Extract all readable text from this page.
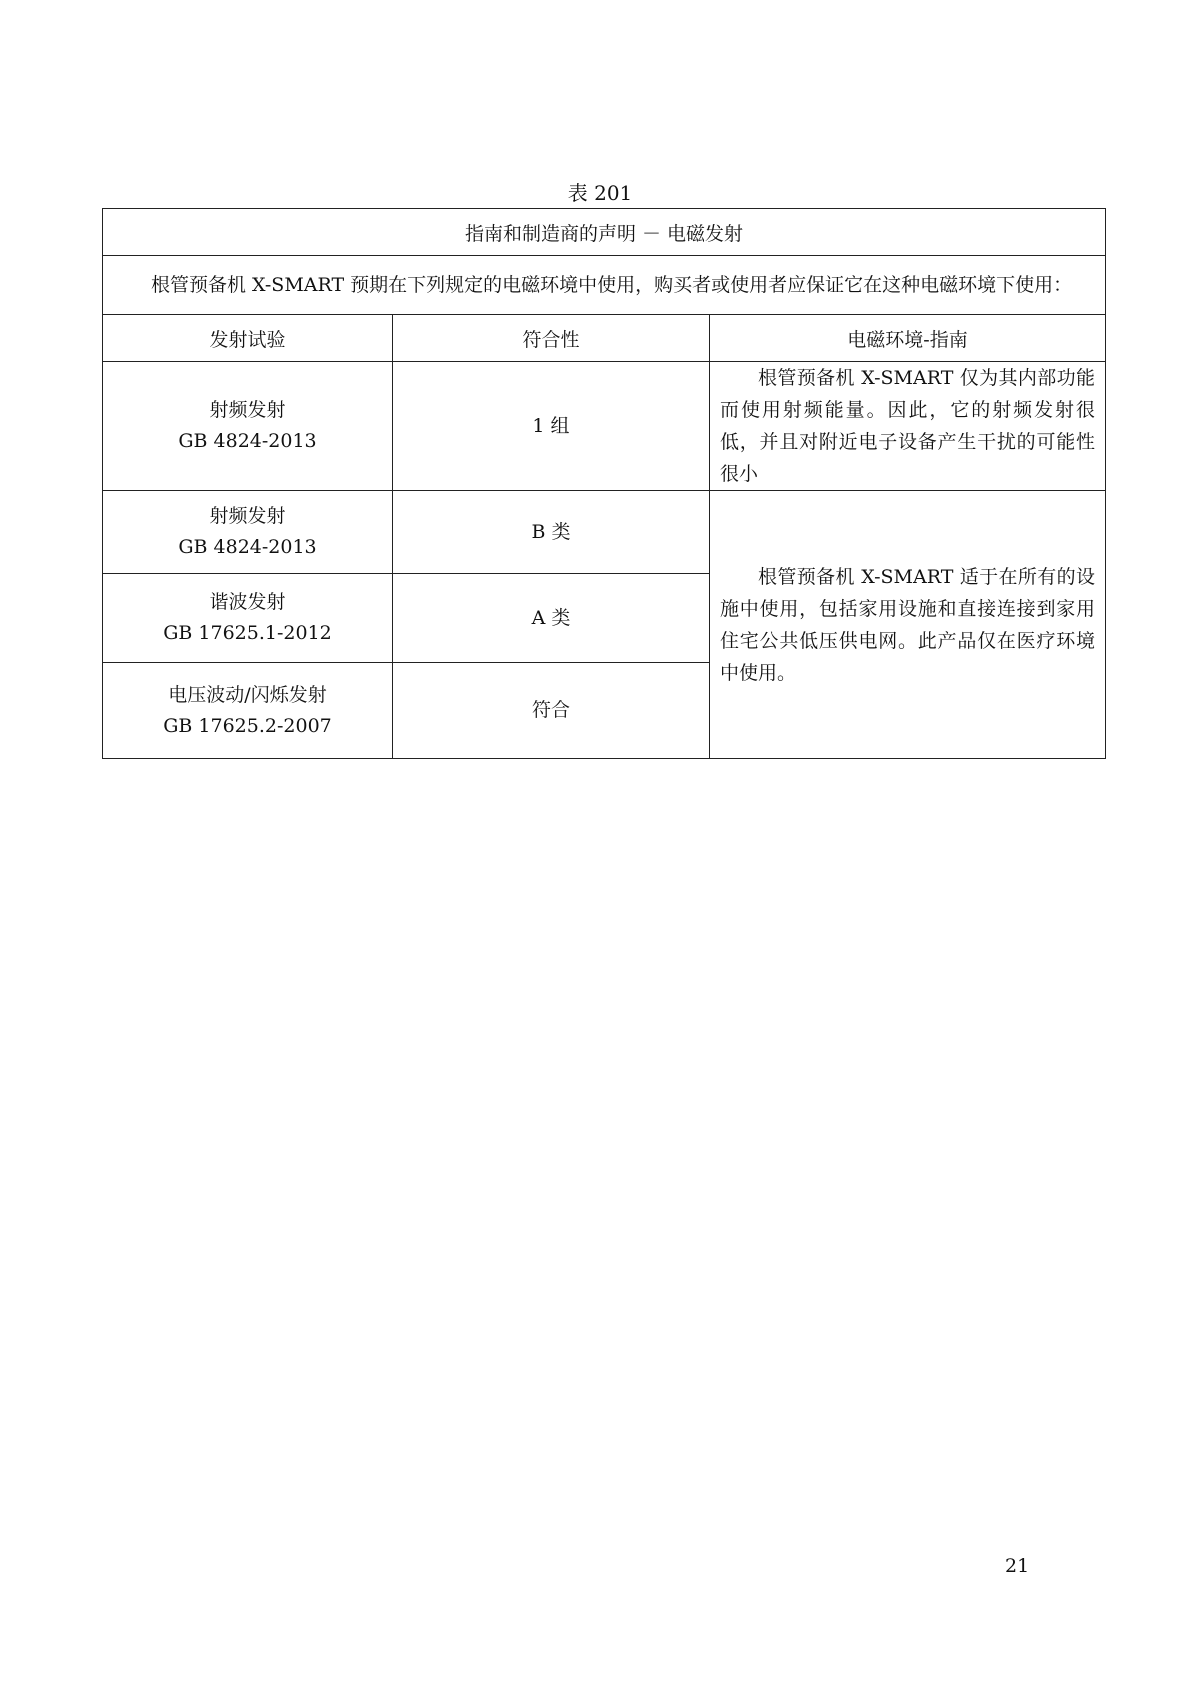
表 201
指南和制造商的声明 － 电磁发射		
根管预备机 X-SMART 预期在下列规定的电磁环境中使用，购买者或使用者应保证它在这种电磁环境下使用：		
发射试验	符合性	电磁环境-指南

射频发射
GB 4824-2013	1 组	根管预备机 X-SMART 仅为其内部功能而使用射频能量。因此，它的射频发射很低，并且对附近电子设备产生干扰的可能性很小

射频发射
GB 4824-2013	B 类	根管预备机 X-SMART 适于在所有的设施中使用，包括家用设施和直接连接到家用住宅公共低压供电网。此产品仅在医疗环境中使用。

谐波发射
GB 17625.1-2012	A 类	

电压波动/闪烁发射
GB 17625.2-2007	符合	
21
